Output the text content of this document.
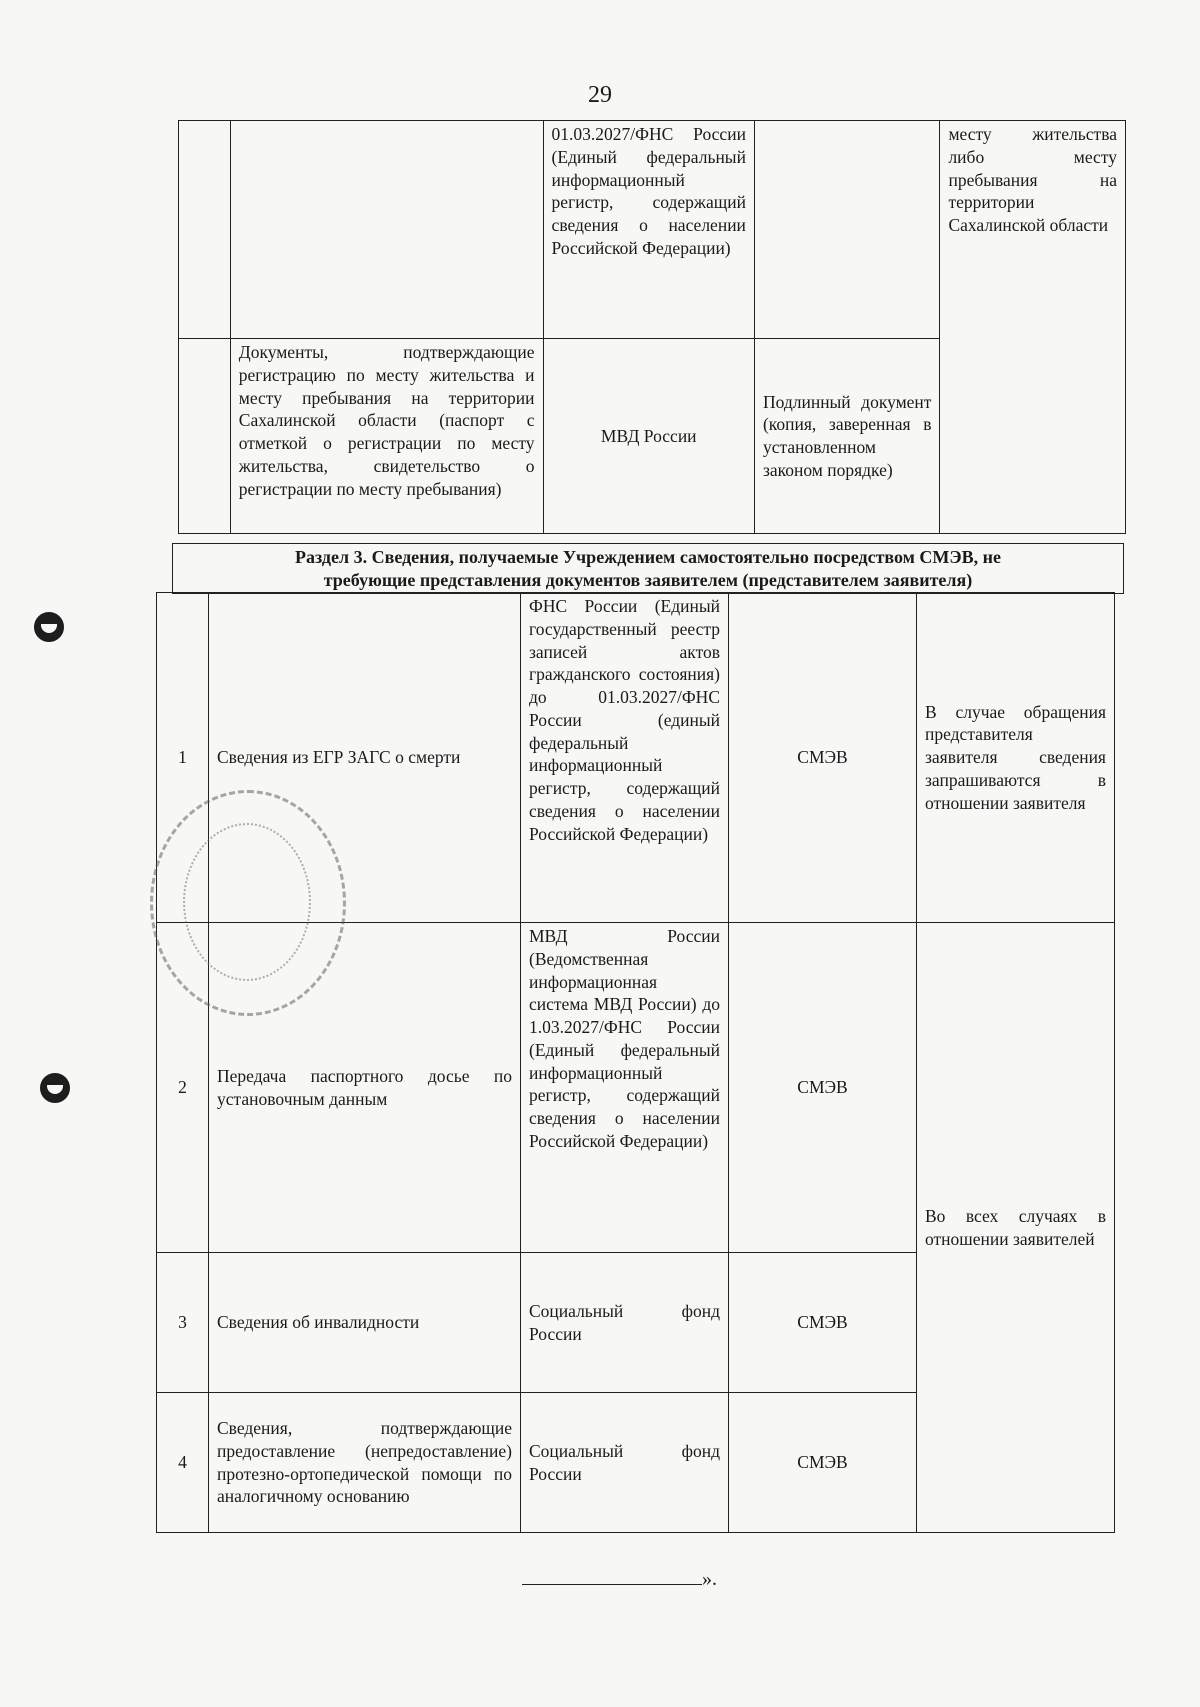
29
		01.03.2027/ФНС России (Единый федеральный информационный регистр, содержащий сведения о населении Российской Федерации)		месту жительства либо месту пребывания на территории Сахалинской области
	Документы, подтверждающие регистрацию по месту жительства и месту пребывания на территории Сахалинской области (паспорт с отметкой о регистрации по месту жительства, свидетельство о регистрации по месту пребывания)	МВД России	Подлинный документ (копия, заверенная в установленном законом порядке)	
Раздел 3. Сведения, получаемые Учреждением самостоятельно посредством СМЭВ, не
требующие представления документов заявителем (представителем заявителя)
1	Сведения из ЕГР ЗАГС о смерти	ФНС России (Единый государственный реестр записей актов гражданского состояния) до 01.03.2027/ФНС России (единый федеральный информационный регистр, содержащий сведения о населении Российской Федерации)	СМЭВ	В случае обращения представителя заявителя сведения запрашиваются в отношении заявителя
2	Передача паспортного досье по установочным данным	МВД России (Ведомственная информационная система МВД России) до 1.03.2027/ФНС России (Единый федеральный информационный регистр, содержащий сведения о населении Российской Федерации)	СМЭВ	Во всех случаях в отношении заявителей
3	Сведения об инвалидности	Социальный фонд России	СМЭВ	
4	Сведения, подтверждающие предоставление (непредоставление) протезно-ортопедической помощи по аналогичному основанию	Социальный фонд России	СМЭВ	
».
